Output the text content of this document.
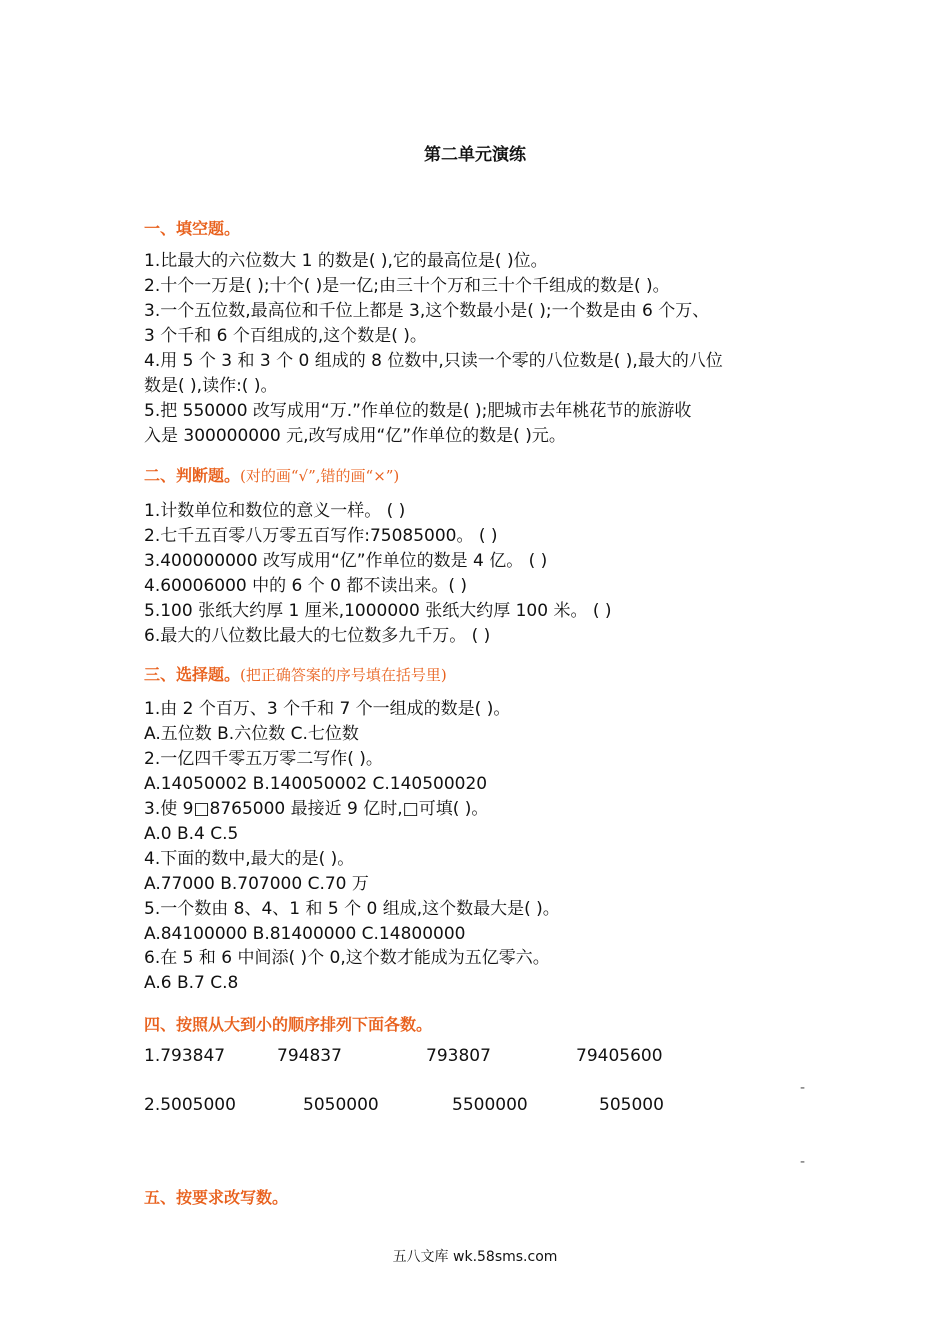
第二单元演练
一、填空题。
1.比最大的六位数大 1 的数是( ),它的最高位是( )位。
2.十个一万是( );十个( )是一亿;由三十个万和三十个千组成的数是( )。
3.一个五位数,最高位和千位上都是 3,这个数最小是( );一个数是由 6 个万、
3 个千和 6 个百组成的,这个数是( )。
4.用 5 个 3 和 3 个 0 组成的 8 位数中,只读一个零的八位数是( ),最大的八位
数是( ),读作:( )。
5.把 550000 改写成用“万.”作单位的数是( );肥城市去年桃花节的旅游收
入是 300000000 元,改写成用“亿”作单位的数是( )元。
二、判断题。(对的画“√”,错的画“×”)
1.计数单位和数位的意义一样。 ( )
2.七千五百零八万零五百写作:75085000。 ( )
3.400000000 改写成用“亿”作单位的数是 4 亿。 ( )
4.60006000 中的 6 个 0 都不读出来。( )
5.100 张纸大约厚 1 厘米,1000000 张纸大约厚 100 米。 ( )
6.最大的八位数比最大的七位数多九千万。 ( )
三、选择题。(把正确答案的序号填在括号里)
1.由 2 个百万、3 个千和 7 个一组成的数是( )。
A.五位数 B.六位数 C.七位数
2.一亿四千零五万零二写作( )。
A.14050002 B.140050002 C.140500020
3.使 9□8765000 最接近 9 亿时,□可填( )。
A.0 B.4 C.5
4.下面的数中,最大的是( )。
A.77000 B.707000 C.70 万
5.一个数由 8、4、1 和 5 个 0 组成,这个数最大是( )。
A.84100000 B.81400000 C.14800000
6.在 5 和 6 中间添( )个 0,这个数才能成为五亿零六。
A.6 B.7 C.8
四、按照从大到小的顺序排列下面各数。
1.793847	794837	793807	79405600
-
2.5005000	5050000	5500000	505000
-
五、按要求改写数。
五八文库 wk.58sms.com
